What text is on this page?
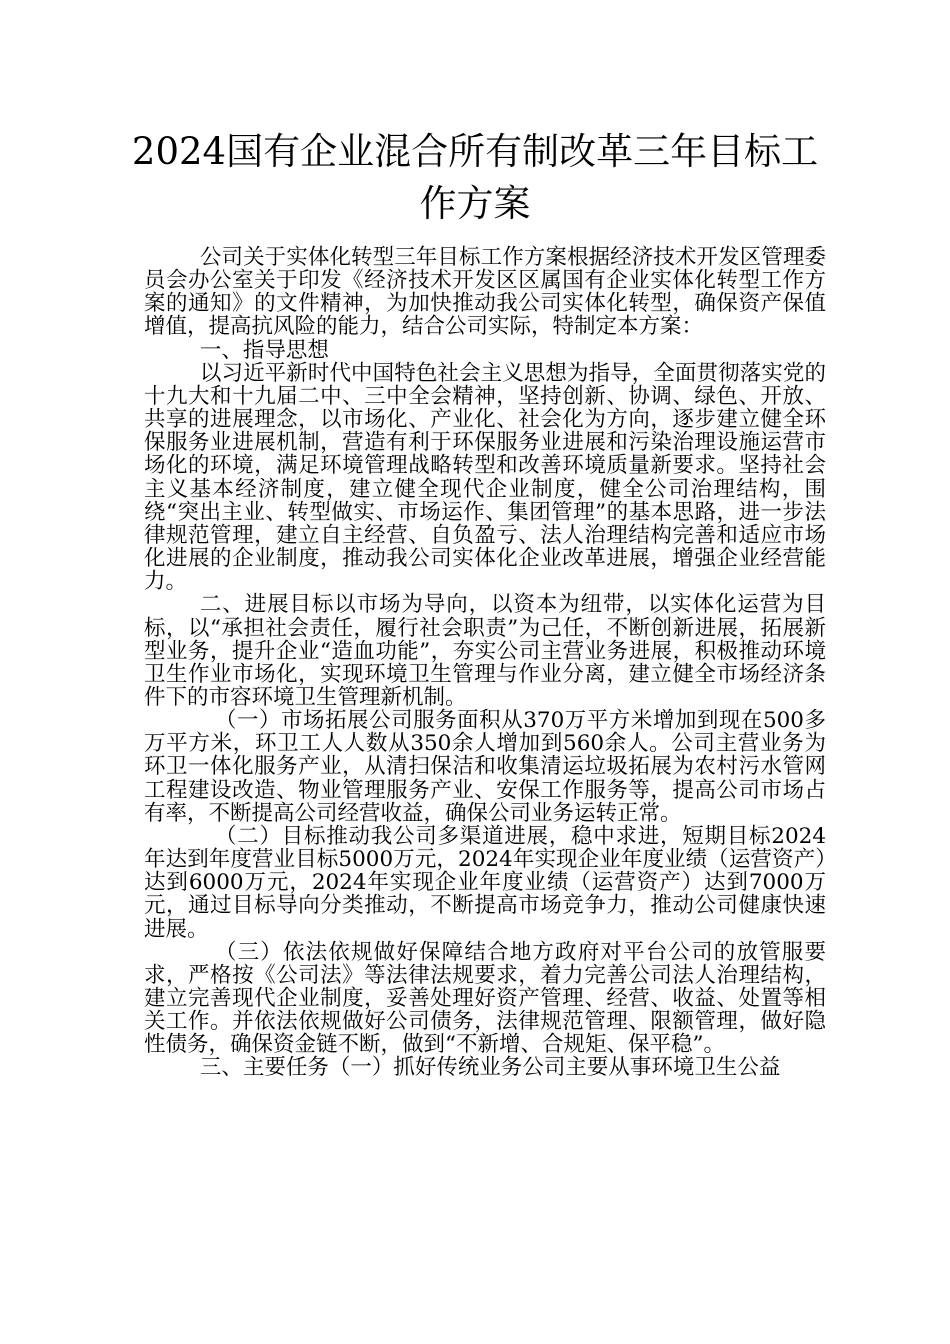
2024国有企业混合所有制改革三年目标工作方案

公司关于实体化转型三年目标工作方案根据经济技术开发区管理委员会办公室关于印发《经济技术开发区区属国有企业实体化转型工作方案的通知》的文件精神，为加快推动我公司实体化转型，确保资产保值增值，提高抗风险的能力，结合公司实际，特制定本方案：

一、指导思想

以习近平新时代中国特色社会主义思想为指导，全面贯彻落实党的十九大和十九届二中、三中全会精神，坚持创新、协调、绿色、开放、共享的进展理念，以市场化、产业化、社会化为方向，逐步建立健全环保服务业进展机制，营造有利于环保服务业进展和污染治理设施运营市场化的环境，满足环境管理战略转型和改善环境质量新要求。坚持社会主义基本经济制度，建立健全现代企业制度，健全公司治理结构，围绕“突出主业、转型做实、市场运作、集团管理”的基本思路，进一步法律规范管理，建立自主经营、自负盈亏、法人治理结构完善和适应市场化进展的企业制度，推动我公司实体化企业改革进展，增强企业经营能力。

二、进展目标以市场为导向，以资本为纽带，以实体化运营为目标，以“承担社会责任，履行社会职责”为己任，不断创新进展，拓展新型业务，提升企业“造血功能”，夯实公司主营业务进展，积极推动环境卫生作业市场化，实现环境卫生管理与作业分离，建立健全市场经济条件下的市容环境卫生管理新机制。

（一）市场拓展公司服务面积从370万平方米增加到现在500多万平方米，环卫工人人数从350余人增加到560余人。公司主营业务为环卫一体化服务产业，从清扫保洁和收集清运垃圾拓展为农村污水管网工程建设改造、物业管理服务产业、安保工作服务等，提高公司市场占有率，不断提高公司经营收益，确保公司业务运转正常。

（二）目标推动我公司多渠道进展，稳中求进，短期目标2024年达到年度营业目标5000万元，2024年实现企业年度业绩（运营资产）达到6000万元，2024年实现企业年度业绩（运营资产）达到7000万元，通过目标导向分类推动，不断提高市场竞争力，推动公司健康快速进展。

（三）依法依规做好保障结合地方政府对平台公司的放管服要求，严格按《公司法》等法律法规要求，着力完善公司法人治理结构，建立完善现代企业制度，妥善处理好资产管理、经营、收益、处置等相关工作。并依法依规做好公司债务，法律规范管理、限额管理，做好隐性债务，确保资金链不断，做到“不新增、合规矩、保平稳”。

三、主要任务（一）抓好传统业务公司主要从事环境卫生公益
